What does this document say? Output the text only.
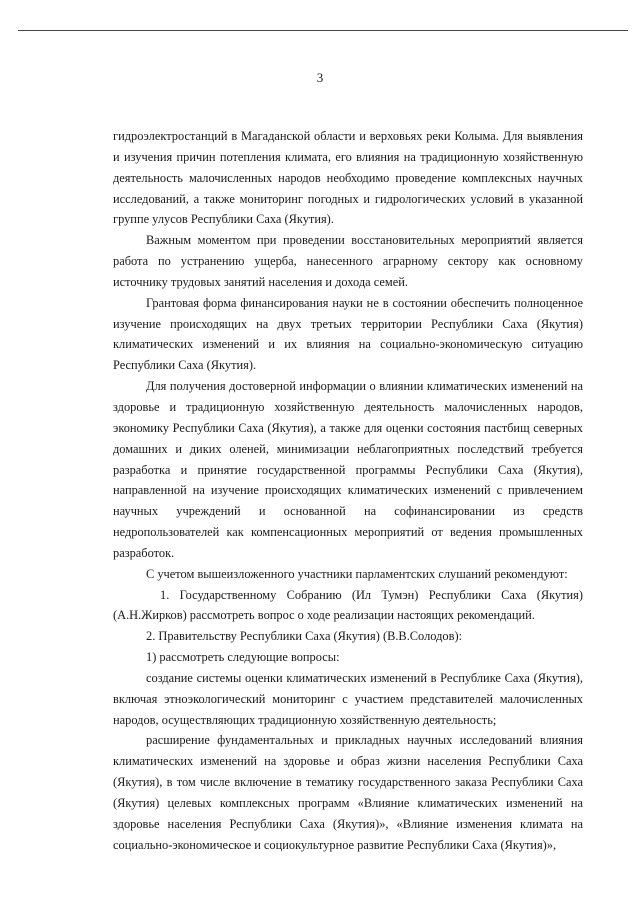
3

гидроэлектростанций в Магаданской области и верховьях реки Колыма. Для выявления и изучения причин потепления климата, его влияния на традиционную хозяйственную деятельность малочисленных народов необходимо проведение комплексных научных исследований, а также мониторинг погодных и гидрологических условий в указанной группе улусов Республики Саха (Якутия).

Важным моментом при проведении восстановительных мероприятий является работа по устранению ущерба, нанесенного аграрному сектору как основному источнику трудовых занятий населения и дохода семей.

Грантовая форма финансирования науки не в состоянии обеспечить полноценное изучение происходящих на двух третьих территории Республики Саха (Якутия) климатических изменений и их влияния на социально-экономическую ситуацию Республики Саха (Якутия).

Для получения достоверной информации о влиянии климатических изменений на здоровье и традиционную хозяйственную деятельность малочисленных народов, экономику Республики Саха (Якутия), а также для оценки состояния пастбищ северных домашних и диких оленей, минимизации неблагоприятных последствий требуется разработка и принятие государственной программы Республики Саха (Якутия), направленной на изучение происходящих климатических изменений с привлечением научных учреждений и основанной на софинансировании из средств недропользователей как компенсационных мероприятий от ведения промышленных разработок.

С учетом вышеизложенного участники парламентских слушаний рекомендуют:

1. Государственному Собранию (Ил Тумэн) Республики Саха (Якутия) (А.Н.Жирков) рассмотреть вопрос о ходе реализации настоящих рекомендаций.

2. Правительству Республики Саха (Якутия) (В.В.Солодов):

1) рассмотреть следующие вопросы:

создание системы оценки климатических изменений в Республике Саха (Якутия), включая этноэкологический мониторинг с участием представителей малочисленных народов, осуществляющих традиционную хозяйственную деятельность;

расширение фундаментальных и прикладных научных исследований влияния климатических изменений на здоровье и образ жизни населения Республики Саха (Якутия), в том числе включение в тематику государственного заказа Республики Саха (Якутия) целевых комплексных программ «Влияние климатических изменений на здоровье населения Республики Саха (Якутия)», «Влияние изменения климата на социально-экономическое и социокультурное развитие Республики Саха (Якутия)»,
